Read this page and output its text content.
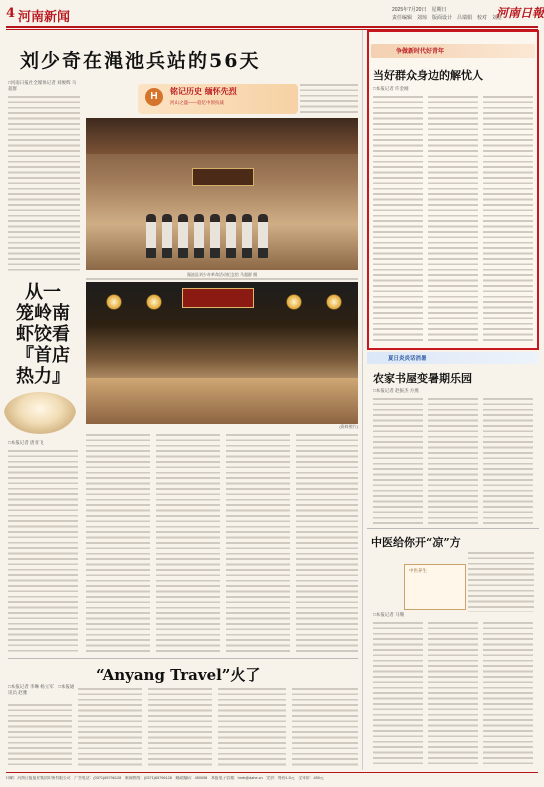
4 河南新闻	2025年7月20日　星期日
责任编辑　刘琼　版面设计　吕瑞娟　校对　刘慧
河南日報
刘少奇在渑池兵站的56天
□河南日报社全媒体记者 刘俊辉 马超群
H	铭记历史 缅怀先烈
河山之盛——追忆中原抗战
渑池县刘少奇革命活动纪念馆 马超群 摄
从一
笼岭南
虾饺看
『首店
热力』
(资料照片)
□本报记者 唐亚飞
“Anyang Travel”火了
□本报记者 李琳 杨立军　□本报通讯员 赵雅
争做新时代好青年
当好群众身边的解忧人
□本报记者 许金刚
夏日炎炎话消暑
农家书屋变暑期乐园
□本报记者 赵振杰 方燕
中医给你开“凉”方
中医养生
□本报记者 马珊
印刷：河南日报报业集团印务有限公司　广告电话：(0371)65796128　新闻热线：(0371)65796128　邮政编码：450008　本报电子信箱：hnrb@dahe.cn　定价：每份1.5元　全年价：450元
